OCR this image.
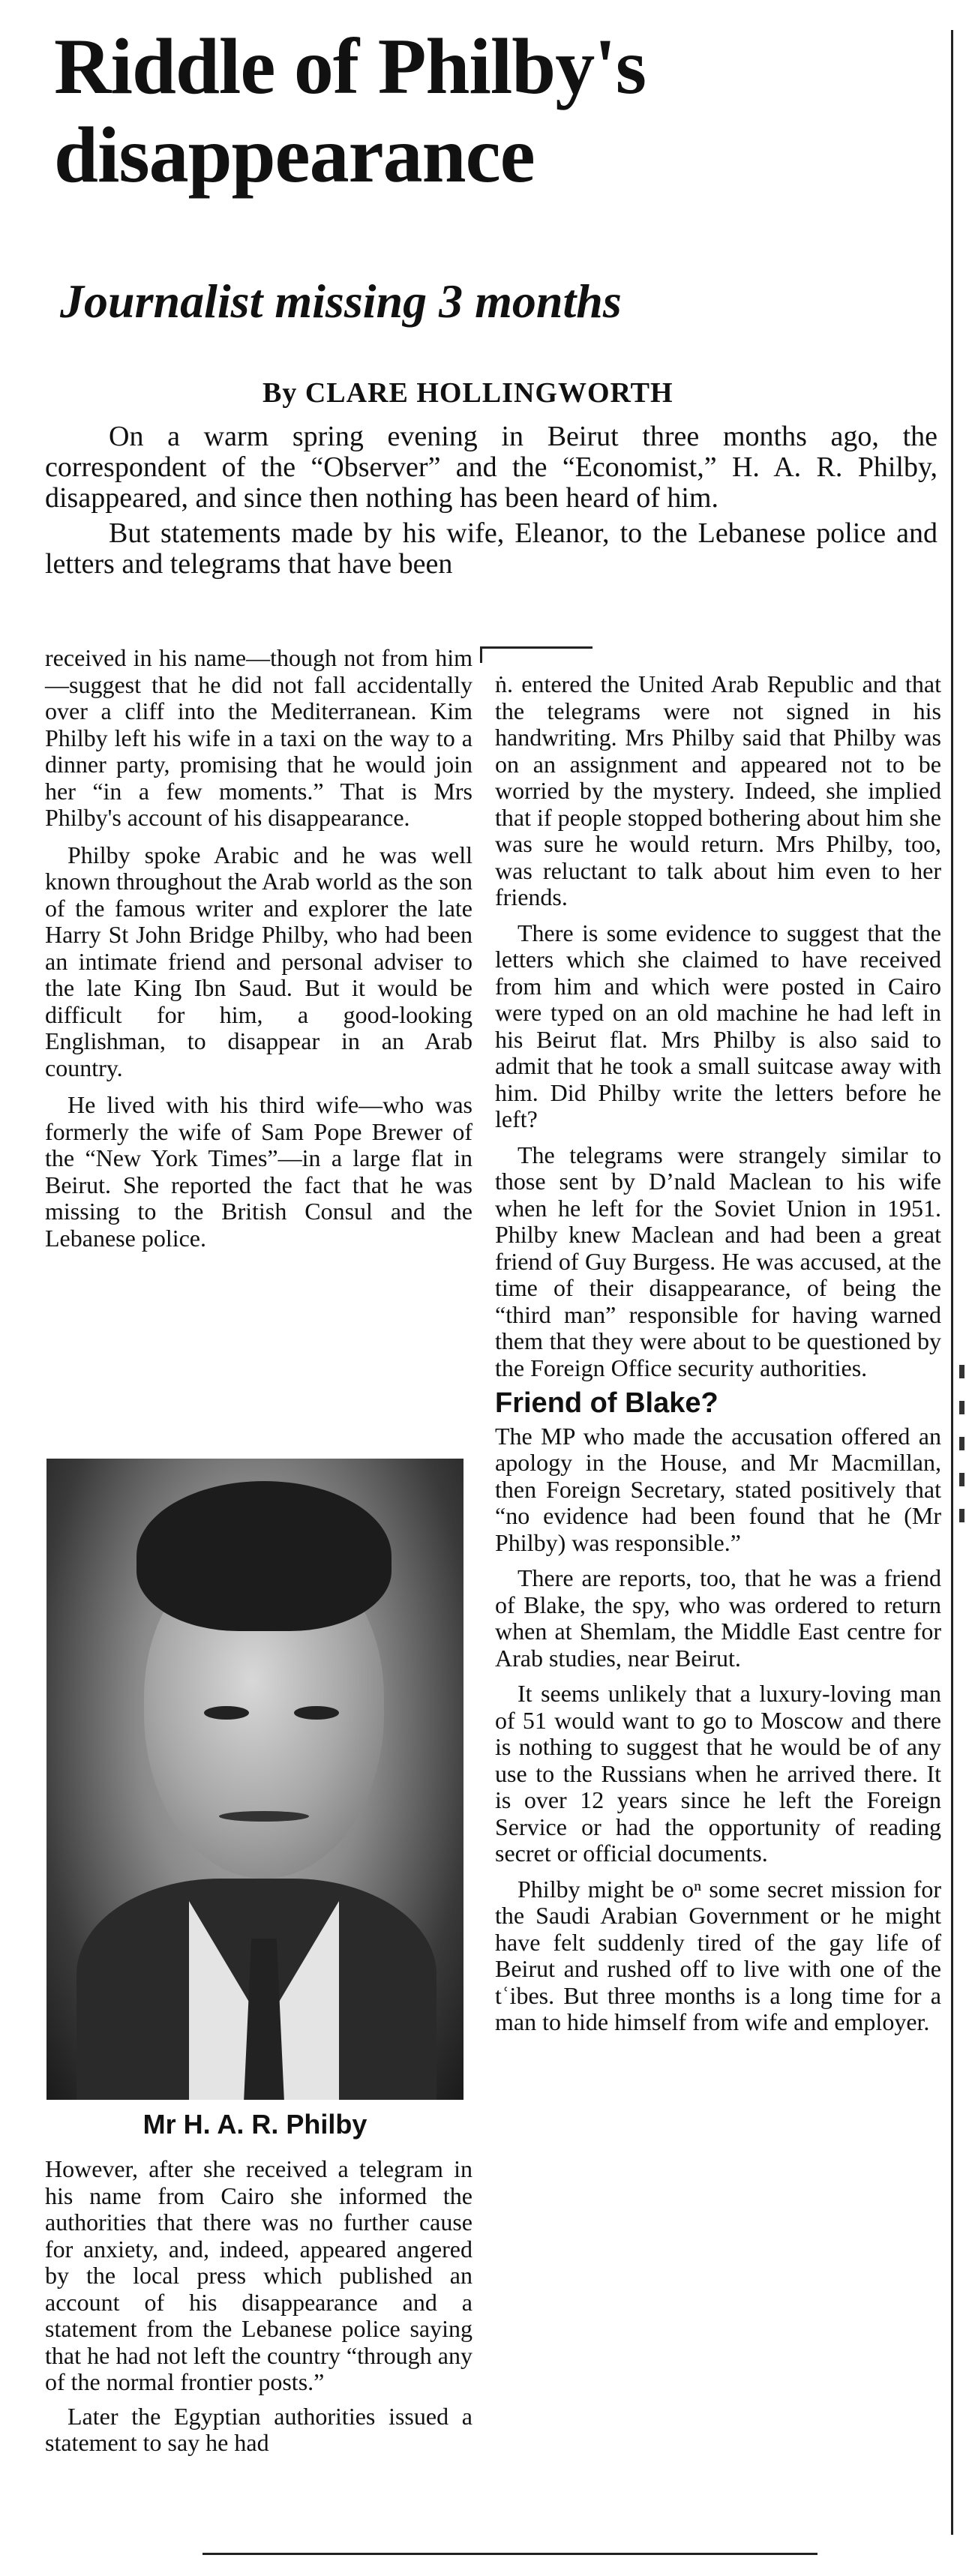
Riddle of Philby's disappearance
Journalist missing 3 months
By CLARE HOLLINGWORTH

On a warm spring evening in Beirut three months ago, the correspondent of the “Observer” and the “Economist,” H. A. R. Philby, disappeared, and since then nothing has been heard of him.

But statements made by his wife, Eleanor, to the Lebanese police and letters and telegrams that have been

received in his name—though not from him—suggest that he did not fall accidentally over a cliff into the Mediterranean. Kim Philby left his wife in a taxi on the way to a dinner party, promising that he would join her “in a few moments.” That is Mrs Philby's account of his disappearance.

Philby spoke Arabic and he was well known throughout the Arab world as the son of the famous writer and explorer the late Harry St John Bridge Philby, who had been an intimate friend and personal adviser to the late King Ibn Saud. But it would be difficult for him, a good-looking Englishman, to disappear in an Arab country.

He lived with his third wife—who was formerly the wife of Sam Pope Brewer of the “New York Times”—in a large flat in Beirut. She reported the fact that he was missing to the British Consul and the Lebanese police.

Mr H. A. R. Philby

However, after she received a telegram in his name from Cairo she informed the authorities that there was no further cause for anxiety, and, indeed, appeared angered by the local press which published an account of his disappearance and a statement from the Lebanese police saying that he had not left the country “through any of the normal frontier posts.”

Later the Egyptian authorities issued a statement to say he had

ṅ. entered the United Arab Republic and that the telegrams were not signed in his handwriting. Mrs Philby said that Philby was on an assignment and appeared not to be worried by the mystery. Indeed, she implied that if people stopped bothering about him she was sure he would return. Mrs Philby, too, was reluctant to talk about him even to her friends.

There is some evidence to suggest that the letters which she claimed to have received from him and which were posted in Cairo were typed on an old machine he had left in his Beirut flat. Mrs Philby is also said to admit that he took a small suitcase away with him. Did Philby write the letters before he left?

The telegrams were strangely similar to those sent by D’nald Maclean to his wife when he left for the Soviet Union in 1951. Philby knew Maclean and had been a great friend of Guy Burgess. He was accused, at the time of their disappearance, of being the “third man” responsible for having warned them that they were about to be questioned by the Foreign Office security authorities.

Friend of Blake?

The MP who made the accusation offered an apology in the House, and Mr Macmillan, then Foreign Secretary, stated positively that “no evidence had been found that he (Mr Philby) was responsible.”

There are reports, too, that he was a friend of Blake, the spy, who was ordered to return when at Shemlam, the Middle East centre for Arab studies, near Beirut.

It seems unlikely that a luxury-loving man of 51 would want to go to Moscow and there is nothing to suggest that he would be of any use to the Russians when he arrived there. It is over 12 years since he left the Foreign Service or had the opportunity of reading secret or official documents.

Philby might be oⁿ some secret mission for the Saudi Arabian Government or he might have felt suddenly tired of the gay life of Beirut and rushed off to live with one of the tʿibes. But three months is a long time for a man to hide himself from wife and employer.
